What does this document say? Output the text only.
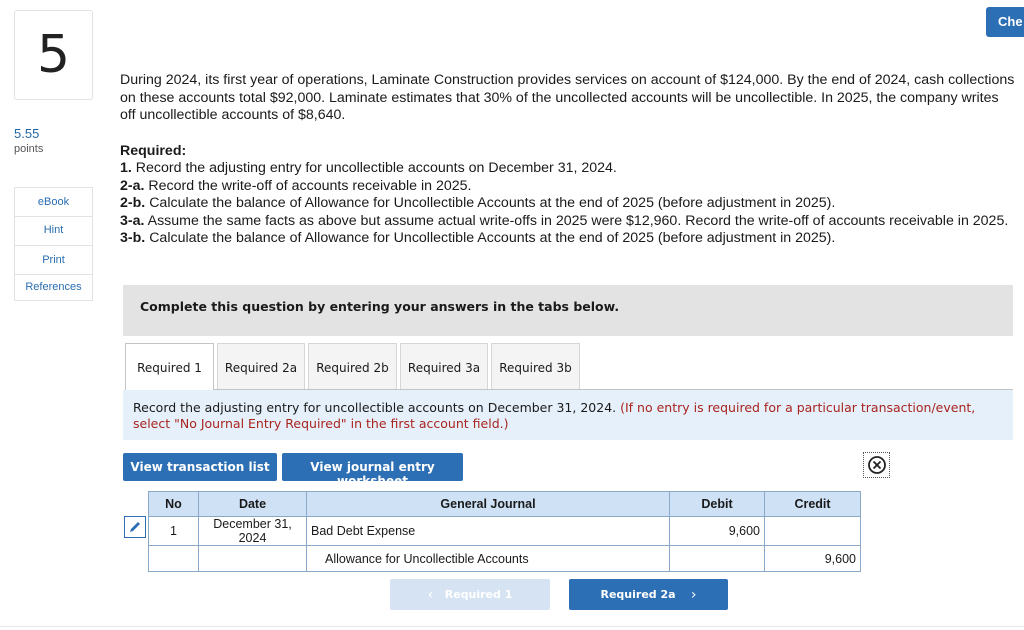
5
5.55
points
eBook
Hint
Print
References
Che
During 2024, its first year of operations, Laminate Construction provides services on account of $124,000. By the end of 2024, cash collections on these accounts total $92,000. Laminate estimates that 30% of the uncollected accounts will be uncollectible. In 2025, the company writes off uncollectible accounts of $8,640.
Required:
1. Record the adjusting entry for uncollectible accounts on December 31, 2024.
2-a. Record the write-off of accounts receivable in 2025.
2-b. Calculate the balance of Allowance for Uncollectible Accounts at the end of 2025 (before adjustment in 2025).
3-a. Assume the same facts as above but assume actual write-offs in 2025 were $12,960. Record the write-off of accounts receivable in 2025.
3-b. Calculate the balance of Allowance for Uncollectible Accounts at the end of 2025 (before adjustment in 2025).
Complete this question by entering your answers in the tabs below.
Required 1	Required 2a	Required 2b	Required 3a	Required 3b
Record the adjusting entry for uncollectible accounts on December 31, 2024. (If no entry is required for a particular transaction/event, select "No Journal Entry Required" in the first account field.)
View transaction list	View journal entry worksheet
No	Date	General Journal	Debit	Credit
1	December 31, 2024	Bad Debt Expense	9,600	
		Allowance for Uncollectible Accounts		9,600
‹
Required 1	Required 2a
›
